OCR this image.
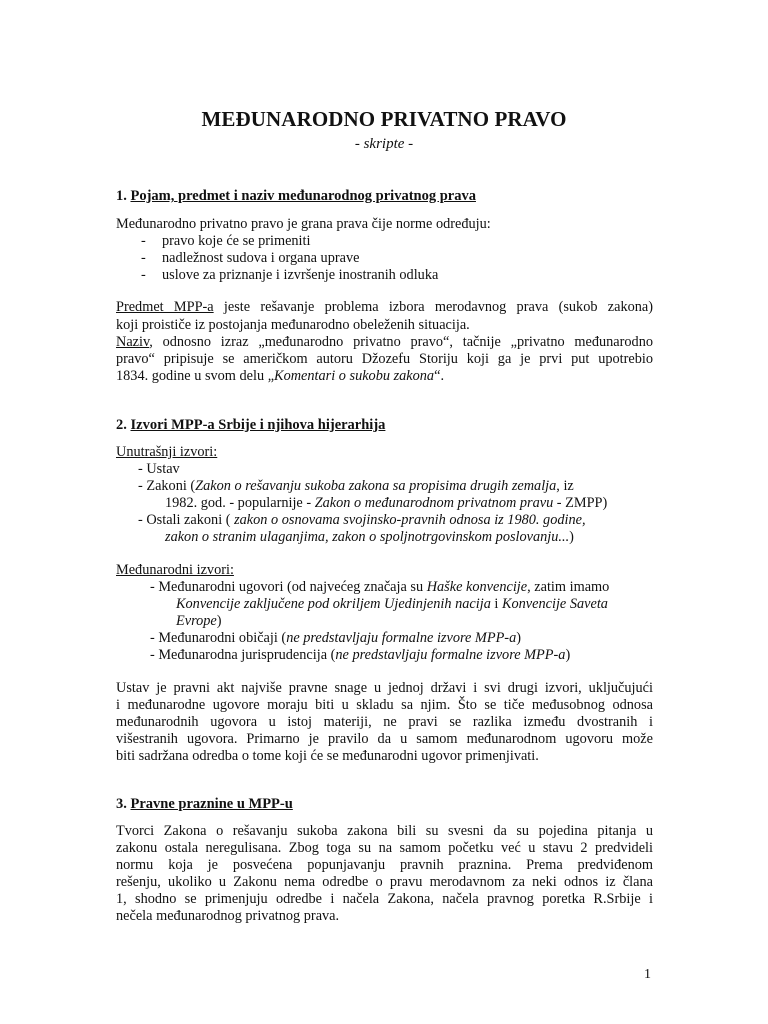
MEĐUNARODNO PRIVATNO PRAVO
- skripte -
1. Pojam, predmet i naziv međunarodnog privatnog prava
Međunarodno privatno pravo je grana prava čije norme određuju:
- pravo koje će se primeniti
- nadležnost sudova i organa uprave
- uslove za priznanje i izvršenje inostranih odluka
Predmet MPP-a jeste rešavanje problema izbora merodavnog prava (sukob zakona)
koji proističe iz postojanja međunarodno obeleženih situacija.
Naziv, odnosno izraz „međunarodno privatno pravo“, tačnije „privatno međunarodno
pravo“ pripisuje se američkom autoru Džozefu Storiju koji ga je prvi put upotrebio
1834. godine u svom delu „Komentari o sukobu zakona“.
2. Izvori MPP-a Srbije i njihova hijerarhija
Unutrašnji izvori:
- Ustav
- Zakoni (Zakon o rešavanju sukoba zakona sa propisima drugih zemalja, iz
1982. god. - popularnije - Zakon o međunarodnom privatnom pravu - ZMPP)
- Ostali zakoni ( zakon o osnovama svojinsko-pravnih odnosa iz 1980. godine,
zakon o stranim ulaganjima, zakon o spoljnotrgovinskom poslovanju...)
Međunarodni izvori:
- Međunarodni ugovori (od najvećeg značaja su Haške konvencije, zatim imamo
Konvencije zaključene pod okriljem Ujedinjenih nacija i Konvencije Saveta
Evrope)
- Međunarodni običaji (ne predstavljaju formalne izvore MPP-a)
- Međunarodna jurisprudencija (ne predstavljaju formalne izvore MPP-a)
Ustav je pravni akt najviše pravne snage u jednoj državi i svi drugi izvori, uključujući
i međunarodne ugovore moraju biti u skladu sa njim. Što se tiče međusobnog odnosa
međunarodnih ugovora u istoj materiji, ne pravi se razlika između dvostranih i
višestranih ugovora. Primarno je pravilo da u samom međunarodnom ugovoru može
biti sadržana odredba o tome koji će se međunarodni ugovor primenjivati.
3. Pravne praznine u MPP-u
Tvorci Zakona o rešavanju sukoba zakona bili su svesni da su pojedina pitanja u
zakonu ostala neregulisana. Zbog toga su na samom početku već u stavu 2 predvideli
normu koja je posvećena popunjavanju pravnih praznina. Prema predviđenom
rešenju, ukoliko u Zakonu nema odredbe o pravu merodavnom za neki odnos iz člana
1, shodno se primenjuju odredbe i načela Zakona, načela pravnog poretka R.Srbije i
nečela međunarodnog privatnog prava.
1
